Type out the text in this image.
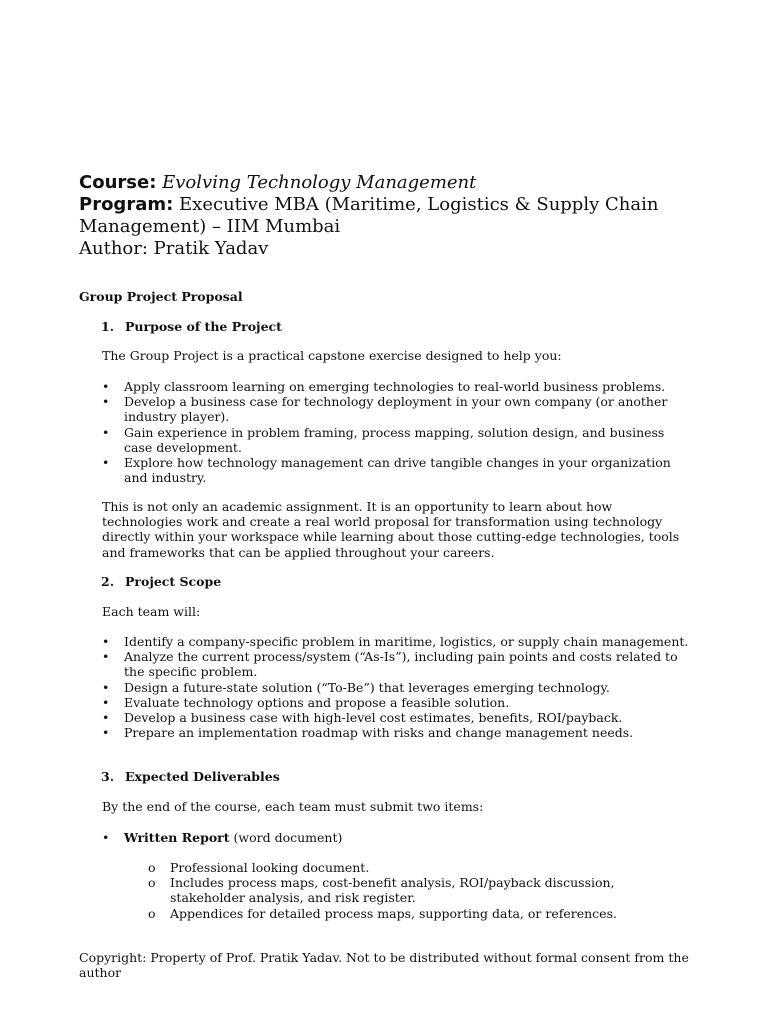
Course: Evolving Technology Management

Program: Executive MBA (Maritime, Logistics & Supply Chain Management) – IIM Mumbai

Author: Pratik Yadav

Group Project Proposal
1. Purpose of the Project

The Group Project is a practical capstone exercise designed to help you:

• Apply classroom learning on emerging technologies to real-world business problems.
• Develop a business case for technology deployment in your own company (or another industry player).
• Gain experience in problem framing, process mapping, solution design, and business case development.
• Explore how technology management can drive tangible changes in your organization and industry.

This is not only an academic assignment. It is an opportunity to learn about how technologies work and create a real world proposal for transformation using technology directly within your workspace while learning about those cutting-edge technologies, tools and frameworks that can be applied throughout your careers.

2. Project Scope

Each team will:

• Identify a company-specific problem in maritime, logistics, or supply chain management.
• Analyze the current process/system (“As-Is”), including pain points and costs related to the specific problem.
• Design a future-state solution (“To-Be”) that leverages emerging technology.
• Evaluate technology options and propose a feasible solution.
• Develop a business case with high-level cost estimates, benefits, ROI/payback.
• Prepare an implementation roadmap with risks and change management needs.
3. Expected Deliverables

By the end of the course, each team must submit two items:

• Written Report (word document)
o Professional looking document.
o Includes process maps, cost-benefit analysis, ROI/payback discussion, stakeholder analysis, and risk register.
o Appendices for detailed process maps, supporting data, or references.

Copyright: Property of Prof. Pratik Yadav. Not to be distributed without formal consent from the author
